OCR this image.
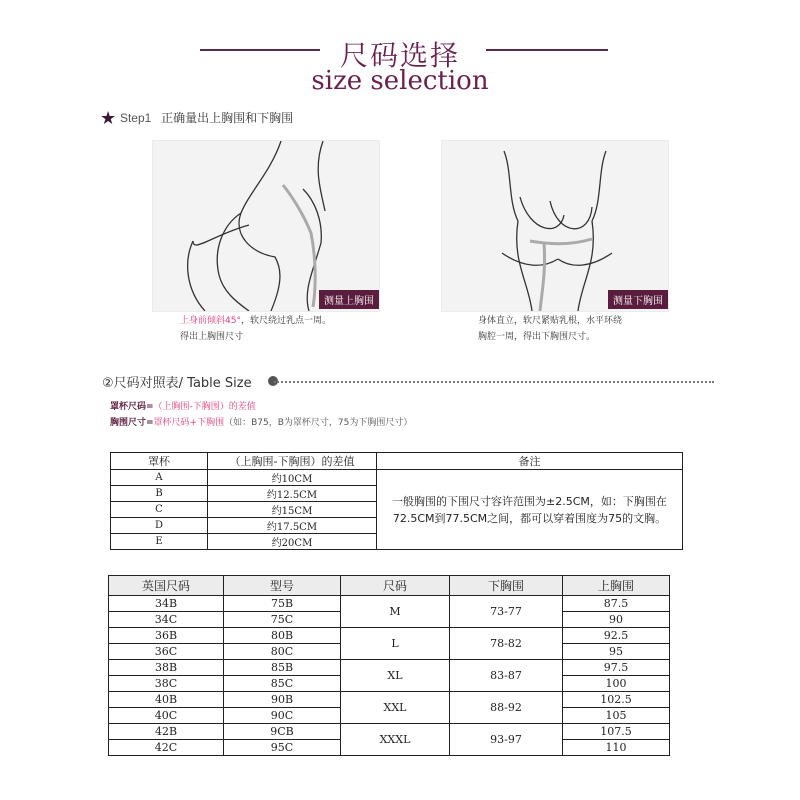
尺码选择
size selection
★ Step1 正确量出上胸围和下胸围
测量上胸围
上身前倾斜45°，软尺绕过乳点一周。
得出上胸围尺寸
测量下胸围
身体直立，软尺紧贴乳根，水平环绕
胸腔一周，得出下胸围尺寸。
②尺码对照表/ Table Size
罩杯尺码=（上胸围-下胸围）的差值
胸围尺寸=罩杯尺码+下胸围（如：B75，B为罩杯尺寸，75为下胸围尺寸）
罩杯	（上胸围-下胸围）的差值	备注
A	约10CM	一般胸围的下围尺寸容许范围为±2.5CM，如：下胸围在72.5CM到77.5CM之间，都可以穿着围度为75的文胸。
B	约12.5CM	
C	约15CM	
D	约17.5CM	
E	约20CM	
英国尺码	型号	尺码	下胸围	上胸围
34B	75B	M	73-77	87.5
34C	75C			90
36B	80B	L	78-82	92.5
36C	80C			95
38B	85B	XL	83-87	97.5
38C	85C			100
40B	90B	XXL	88-92	102.5
40C	90C			105
42B	9CB	XXXL	93-97	107.5
42C	95C			110
